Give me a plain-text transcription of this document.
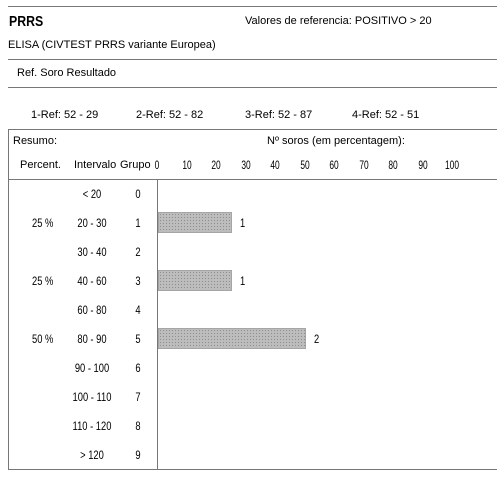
PRRS	Valores de referencia: POSITIVO > 20
ELISA (CIVTEST PRRS variante Europea)
Ref. Soro Resultado
1-Ref: 52 - 29	2-Ref: 52 - 82	3-Ref: 52 - 87	4-Ref: 52 - 51
Resumo:	Nº soros (em percentagem):
Percent. Intervalo Grupo 0	10 20 30 40 50 60 70 80 90 100
< 20	0
25 %	20 - 30	1	1
30 - 40	2
25 %	40 - 60	3	1
60 - 80	4
50 %	80 - 90	5	2
90 - 100	6
100 - 110	7
110 - 120	8
> 120	9
